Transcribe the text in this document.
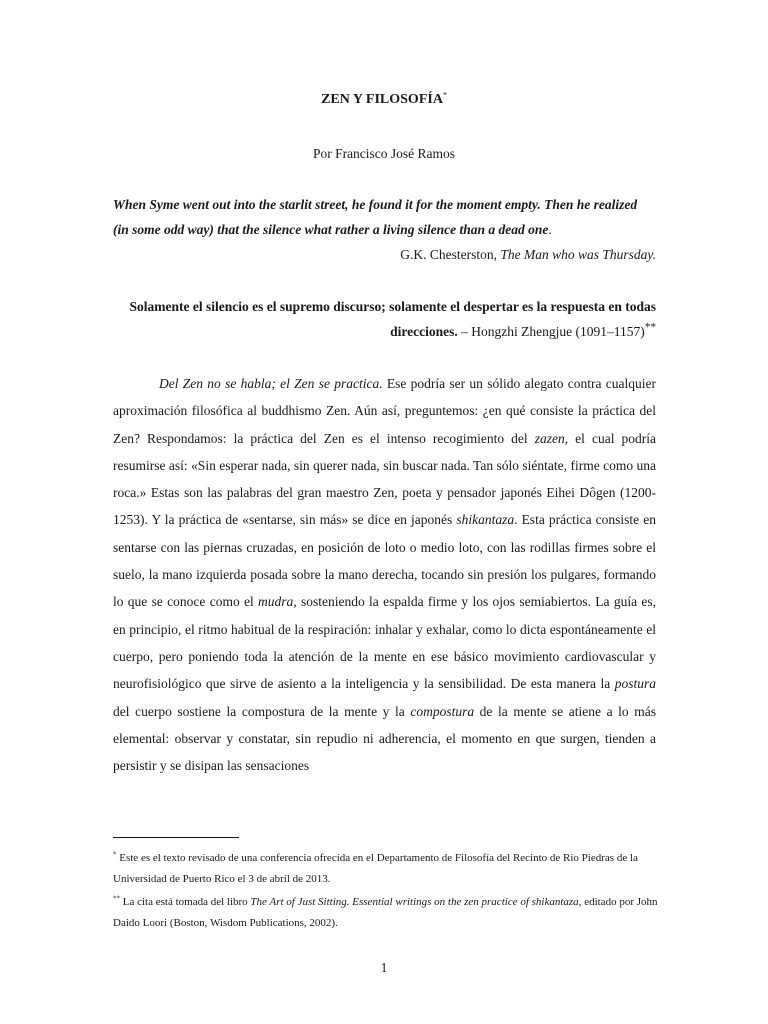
ZEN Y FILOSOFÍA*
Por Francisco José Ramos
When Syme went out into the starlit street, he found it for the moment empty. Then he realized (in some odd way) that the silence what rather a living silence than a dead one.
G.K. Chesterston, The Man who was Thursday.
Solamente el silencio es el supremo discurso; solamente el despertar es la respuesta en todas direcciones. – Hongzhi Zhengjue (1091–1157)**

Del Zen no se habla; el Zen se practica. Ese podría ser un sólido alegato contra cualquier aproximación filosófica al buddhismo Zen. Aún así, preguntemos: ¿en qué consiste la práctica del Zen? Respondamos: la práctica del Zen es el intenso recogimiento del zazen, el cual podría resumirse así: «Sin esperar nada, sin querer nada, sin buscar nada. Tan sólo siéntate, firme como una roca.» Estas son las palabras del gran maestro Zen, poeta y pensador japonés Eihei Dôgen (1200-1253). Y la práctica de «sentarse, sin más» se dice en japonés shikantaza. Esta práctica consiste en sentarse con las piernas cruzadas, en posición de loto o medio loto, con las rodillas firmes sobre el suelo, la mano izquierda posada sobre la mano derecha, tocando sin presión los pulgares, formando lo que se conoce como el mudra, sosteniendo la espalda firme y los ojos semiabiertos. La guía es, en principio, el ritmo habitual de la respiración: inhalar y exhalar, como lo dicta espontáneamente el cuerpo, pero poniendo toda la atención de la mente en ese básico movimiento cardiovascular y neurofisiológico que sirve de asiento a la inteligencia y la sensibilidad. De esta manera la postura del cuerpo sostiene la compostura de la mente y la compostura de la mente se atiene a lo más elemental: observar y constatar, sin repudio ni adherencia, el momento en que surgen, tienden a persistir y se disipan las sensaciones

* Este es el texto revisado de una conferencia ofrecida en el Departamento de Filosofía del Recinto de Río Piedras de la Universidad de Puerto Rico el 3 de abril de 2013.

** La cita está tomada del libro The Art of Just Sitting. Essential writings on the zen practice of shikantaza, editado por John Daido Loori (Boston, Wisdom Publications, 2002).

1
